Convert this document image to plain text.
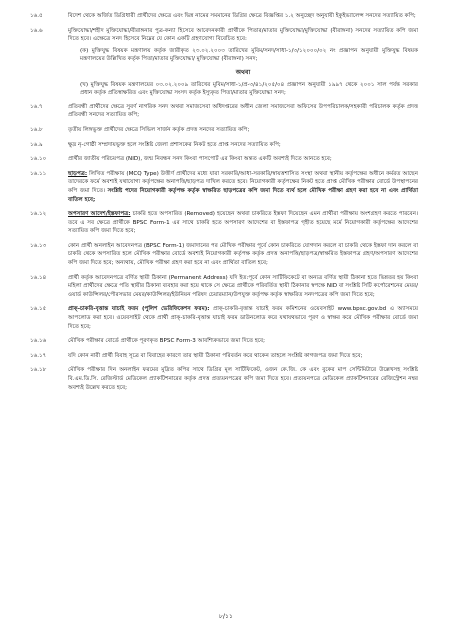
১৬.৫	বিদেশ থেকে অর্জিত ডিগ্রিধারী প্রার্থীদের ক্ষেত্রে এবং ভিন্ন নামের সমমানের ডিগ্রির ক্ষেত্রে বিজ্ঞপ্তির ১.২ অনুচ্ছেদ অনুযায়ী ইকুইভ্যালেন্স সনদের সত্যায়িত কপি;
১৬.৬	মুক্তিযোদ্ধা/শহীদ মুক্তিযোদ্ধা/বীরাঙ্গনার পুত্র-কন্যা হিসেবে আবেদনকারী প্রার্থীকে পিতার/মাতার মুক্তিযোদ্ধা/মুক্তিযোদ্ধা (বীরাঙ্গনা) সনদের সত্যায়িত কপি জমা দিতে হবে। এক্ষেত্রে সনদ হিসেবে নিম্নের যে কোন একটি গ্রহণযোগ্য বিবেচিত হবে:
(ক) মুক্তিযুদ্ধ বিষয়ক মন্ত্রণালয় কর্তৃক জারীকৃত ২৩.০২.২০০৩ তারিখের মুবিম/সনদ/সাধা-১/৩/১২০০০/০২ নং প্রজ্ঞাপন অনুযায়ী মুক্তিযুদ্ধ বিষয়ক মন্ত্রণালয়ের উল্লিখিত কর্তৃক পিতা/মাতার মুক্তিযোদ্ধা/ মুক্তিযোদ্ধা (বীরাঙ্গনা) সনদ;
অথবা
(খ) মুক্তিযুদ্ধ বিষয়ক মন্ত্রণালয়ের ০৩.০২.২০০৯ তারিখের মুবিম/সাধা-১/প্র-৩/৪১/২০৫/০৪ প্রজ্ঞাপন অনুযায়ী ১৯৯৭ থেকে ২০০১ সাল পর্যন্ত সরকার প্রধান কর্তৃক প্রতিস্বাক্ষরিত এবং মুক্তিযোদ্ধা সংসদ কর্তৃক ইস্যুকৃত পিতা/মাতার মুক্তিযোদ্ধা সনদ;
১৬.৭	প্রতিবন্ধী প্রার্থীদের ক্ষেত্রে সুবর্ণ নাগরিক সনদ অথবা সমাজসেবা অধিদপ্তরের অধীন জেলা সমাজসেবা অফিসের উপপরিচালক/সহকারী পরিচালক কর্তৃক প্রদত্ত প্রতিবন্ধী সনদের সত্যায়িত কপি;
১৬.৮	তৃতীয় লিঙ্গভুক্ত প্রার্থীদের ক্ষেত্রে সিভিল সার্জন কর্তৃক প্রদত্ত সনদের সত্যায়িত কপি;
১৬.৯	ক্ষুদ্র নৃ-গোষ্ঠী সম্প্রদায়ভুক্ত হলে সংশ্লিষ্ট জেলা প্রশাসকের নিকট হতে প্রাপ্ত সনদের সত্যায়িত কপি;
১৬.১০	প্রার্থীর জাতীয় পরিচয়পত্র (NID), জন্ম নিবন্ধন সনদ কিংবা পাসপোর্ট এর কিংবা অন্তত একটি অবশ্যই দিতে আনতে হবে;
১৬.১১	ছাড়পত্র: লিখিত পরীক্ষায় (MCQ Type) উত্তীর্ণ প্রার্থীদের মধ্যে যারা সরকারি/আধা-সরকারি/স্বায়ত্তশাসিত সংস্থা অথবা স্থানীয় কর্তৃপক্ষের অধীনে কর্মরত আছেন তাদেরকে ফর্মে অবশ্যই যথাযোগ্য কর্তৃপক্ষের অনাপত্তি/ছাড়পত্র দাখিল করতে হবে। নিয়োগকারী কর্তৃপক্ষের নিকট হতে প্রাপ্ত মৌখিক পরীক্ষার বোর্ডে উপস্থাপনের কপি জমা দিতে। সংশ্লিষ্ট পদের নিয়োগকারী কর্তৃপক্ষ কর্তৃক স্বাক্ষরিত ছাড়পত্রের কপি জমা দিতে ব্যর্থ হলে মৌখিক পরীক্ষা গ্রহণ করা হবে না এবং প্রার্থিতা বাতিল হবে;
১৬.১২	অপসারণ আদেশ/ইস্তফাপত্র: চাকরি হতে অপসারিত (Removed) হয়েছেন অথবা চাকরিতে ইস্তফা দিয়েছেন এমন প্রার্থীরা পরীক্ষায় অংশগ্রহণ করতে পারবেন। তবে এ সব ক্ষেত্রে প্রার্থীকে BPSC Form-1 এর সাথে চাকরি হতে অপসারণ আদেশের বা ইস্তফাপত্র গৃহীত হয়েছে মর্মে নিয়োগকারী কর্তৃপক্ষের আদেশের সত্যায়িত কপি জমা দিতে হবে;
১৬.১৩	কোন প্রার্থী অনলাইন আবেদনপত্র (BPSC Form-1) জমাদানের পর মৌখিক পরীক্ষার পূর্বে কোন চাকরিতে যোগদান করলে বা চাকরি থেকে ইস্তফা দান করলে বা চাকরি থেকে অপসারিত হলে মৌখিক পরীক্ষার বোর্ডে অবশ্যই নিয়োগকারী কর্তৃপক্ষ কর্তৃক প্রদত্ত অনাপত্তি/ছাড়পত্র/স্বাক্ষরিত ইস্তফাপত্র গ্রহণ/অপসারণ আদেশের কপি জমা দিতে হবে; অন্যথায়, মৌখিক পরীক্ষা গ্রহণ করা হবে না এবং প্রার্থিতা বাতিল হবে;
১৬.১৪	প্রার্থী কর্তৃক আবেদনপত্রে বর্ণিত স্থায়ী ঠিকানা (Permanent Address) যদি ইত:পূর্বে কোন সার্টিফিকেটে বা অন্যত্র বর্ণিত স্থায়ী ঠিকানা হতে ভিন্নতর হয় কিংবা মহিলা প্রার্থীদের ক্ষেত্রে পতি স্থায়ীর ঠিকানা ব্যবহার করা হয়ে থাকে সে ক্ষেত্রে প্রার্থীকে পরিবর্তিত স্থায়ী ঠিকানার স্বপক্ষে NID বা সংশ্লিষ্ট সিটি কর্পোরেশনের মেয়র/ওয়ার্ড কাউন্সিলর/পৌরসভার মেয়র/কাউন্সিলর/ইউনিয়ন পরিষদ চেয়ারম্যান/উপযুক্ত কর্তৃপক্ষ কর্তৃক স্বাক্ষরিত সনদপত্রের কপি জমা দিতে হবে;
১৬.১৫	প্রাক্-চাকরি-বৃত্তান্ত যাচাই ফরম (পুলিশ ভেরিফিকেশন ফরম): প্রাক্-চাকরি-বৃত্তান্ত যাচাই ফরম কমিশনের ওয়েবসাইট www.bpsc.gov.bd এ অ্যাসময়ে আপলোড করা হবে। ওয়েবসাইট থেকে প্রার্থী প্রাক্-চাকরি-বৃত্তান্ত যাচাই ফরম ডাউনলোড করে যথাযথভাবে পূরণ ও স্বাক্ষর করে মৌখিক পরীক্ষার বোর্ডে জমা দিতে হবে;
১৬.১৬	মৌখিক পরীক্ষার বোর্ডে প্রার্থীকে পূরণকৃত BPSC Form-3 আবশ্যিকভাবে জমা দিতে হবে;
১৬.১৭	যদি কোন নারী প্রার্থী বিবাহ সূত্রে বা বিবাহের কারণে তার স্থায়ী ঠিকানা পরিবর্তন করে থাকেন তাহলে সংশ্লিষ্ট কাগজপত্র জমা দিতে হবে;
১৬.১৮	মৌখিক পরীক্ষার দিন অনলাইন ফরমের মুদ্রিত কপির সাথে ডিগ্রির মূল সার্টিফিকেট, ওজন কে.জি. কে এবং বুকের মাপ সেন্টিমিটারে উল্লেখসহ সংশ্লিষ্ট বি.এম.ডি.সি. রেজিস্টার্ড মেডিকেল প্র্যাকটিশনারের কর্তৃক প্রদত্ত প্রত্যয়নপত্রের কপি জমা দিতে হবে। প্রত্যয়নপত্রে মেডিকেল প্র্যাকটিশনারের রেজিস্ট্রেশন নম্বর অবশ্যই উল্লেখ করতে হবে;
৮/১১
